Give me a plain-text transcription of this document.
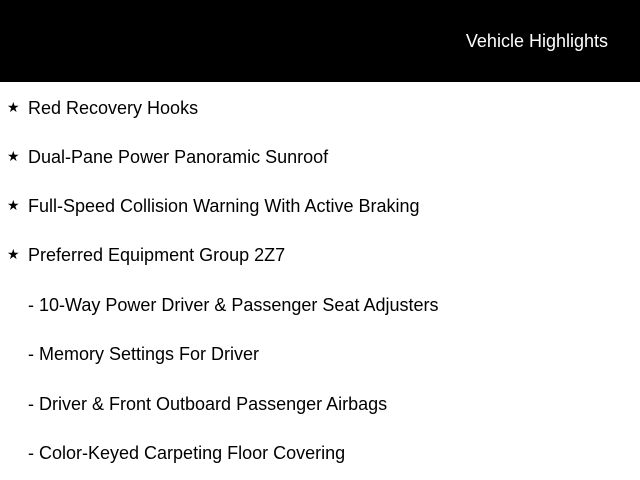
Vehicle Highlights
★ Red Recovery Hooks
★ Dual-Pane Power Panoramic Sunroof
★ Full-Speed Collision Warning With Active Braking
★ Preferred Equipment Group 2Z7
- 10-Way Power Driver & Passenger Seat Adjusters
- Memory Settings For Driver
- Driver & Front Outboard Passenger Airbags
- Color-Keyed Carpeting Floor Covering
